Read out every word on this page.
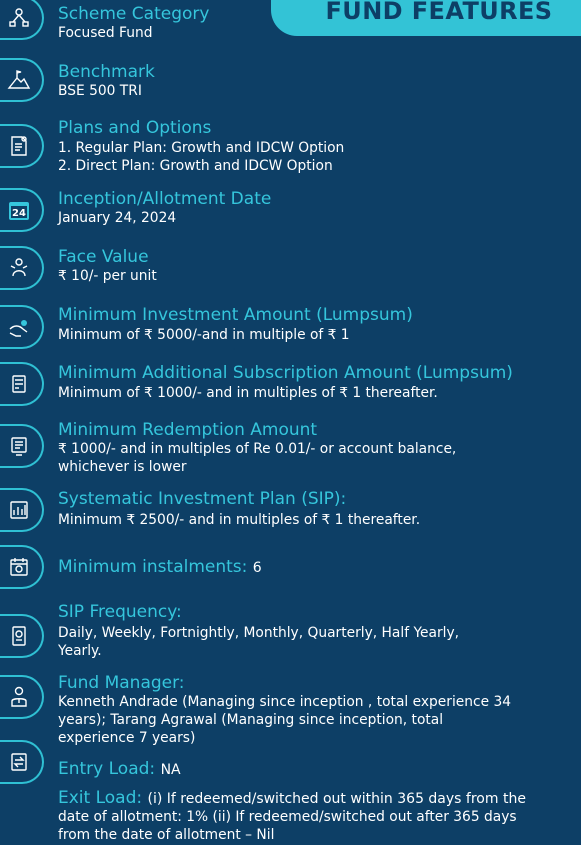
FUND FEATURES
Scheme Category
Focused Fund
Benchmark
BSE 500 TRI
Plans and Options
1. Regular Plan: Growth and IDCW Option
2. Direct Plan: Growth and IDCW Option
24
Inception/Allotment Date
January 24, 2024
Face Value
₹ 10/- per unit
Minimum Investment Amount (Lumpsum)
Minimum of ₹ 5000/-and in multiple of ₹ 1
Minimum Additional Subscription Amount (Lumpsum)
Minimum of ₹ 1000/- and in multiples of ₹ 1 thereafter.
Minimum Redemption Amount
₹ 1000/- and in multiples of Re 0.01/- or account balance,
whichever is lower
Systematic Investment Plan (SIP):
Minimum ₹ 2500/- and in multiples of ₹ 1 thereafter.
Minimum instalments: 6
SIP Frequency:
Daily, Weekly, Fortnightly, Monthly, Quarterly, Half Yearly,
Yearly.
Fund Manager:
Kenneth Andrade (Managing since inception , total experience 34
years); Tarang Agrawal (Managing since inception, total
experience 7 years)
Entry Load: NA
Exit Load: (i) If redeemed/switched out within 365 days from the
date of allotment: 1% (ii) If redeemed/switched out after 365 days
from the date of allotment – Nil
